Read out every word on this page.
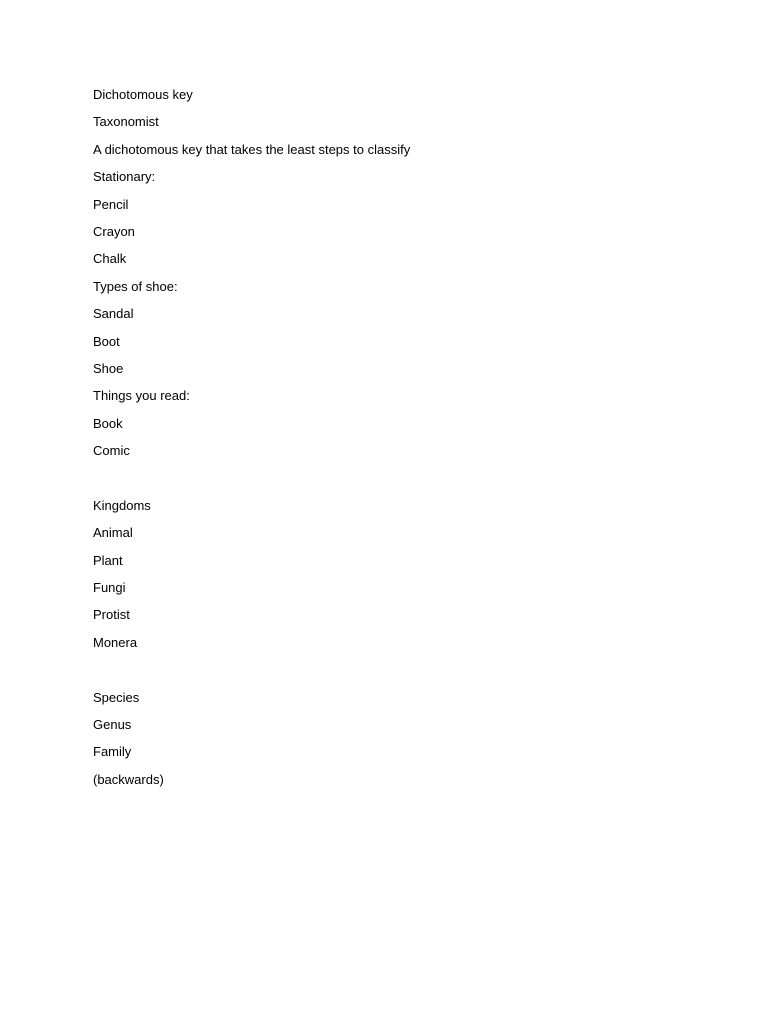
Dichotomous key
Taxonomist
A dichotomous key that takes the least steps to classify
Stationary:
Pencil
Crayon
Chalk
Types of shoe:
Sandal
Boot
Shoe
Things you read:
Book
Comic
Kingdoms
Animal
Plant
Fungi
Protist
Monera
Species
Genus
Family
(backwards)
